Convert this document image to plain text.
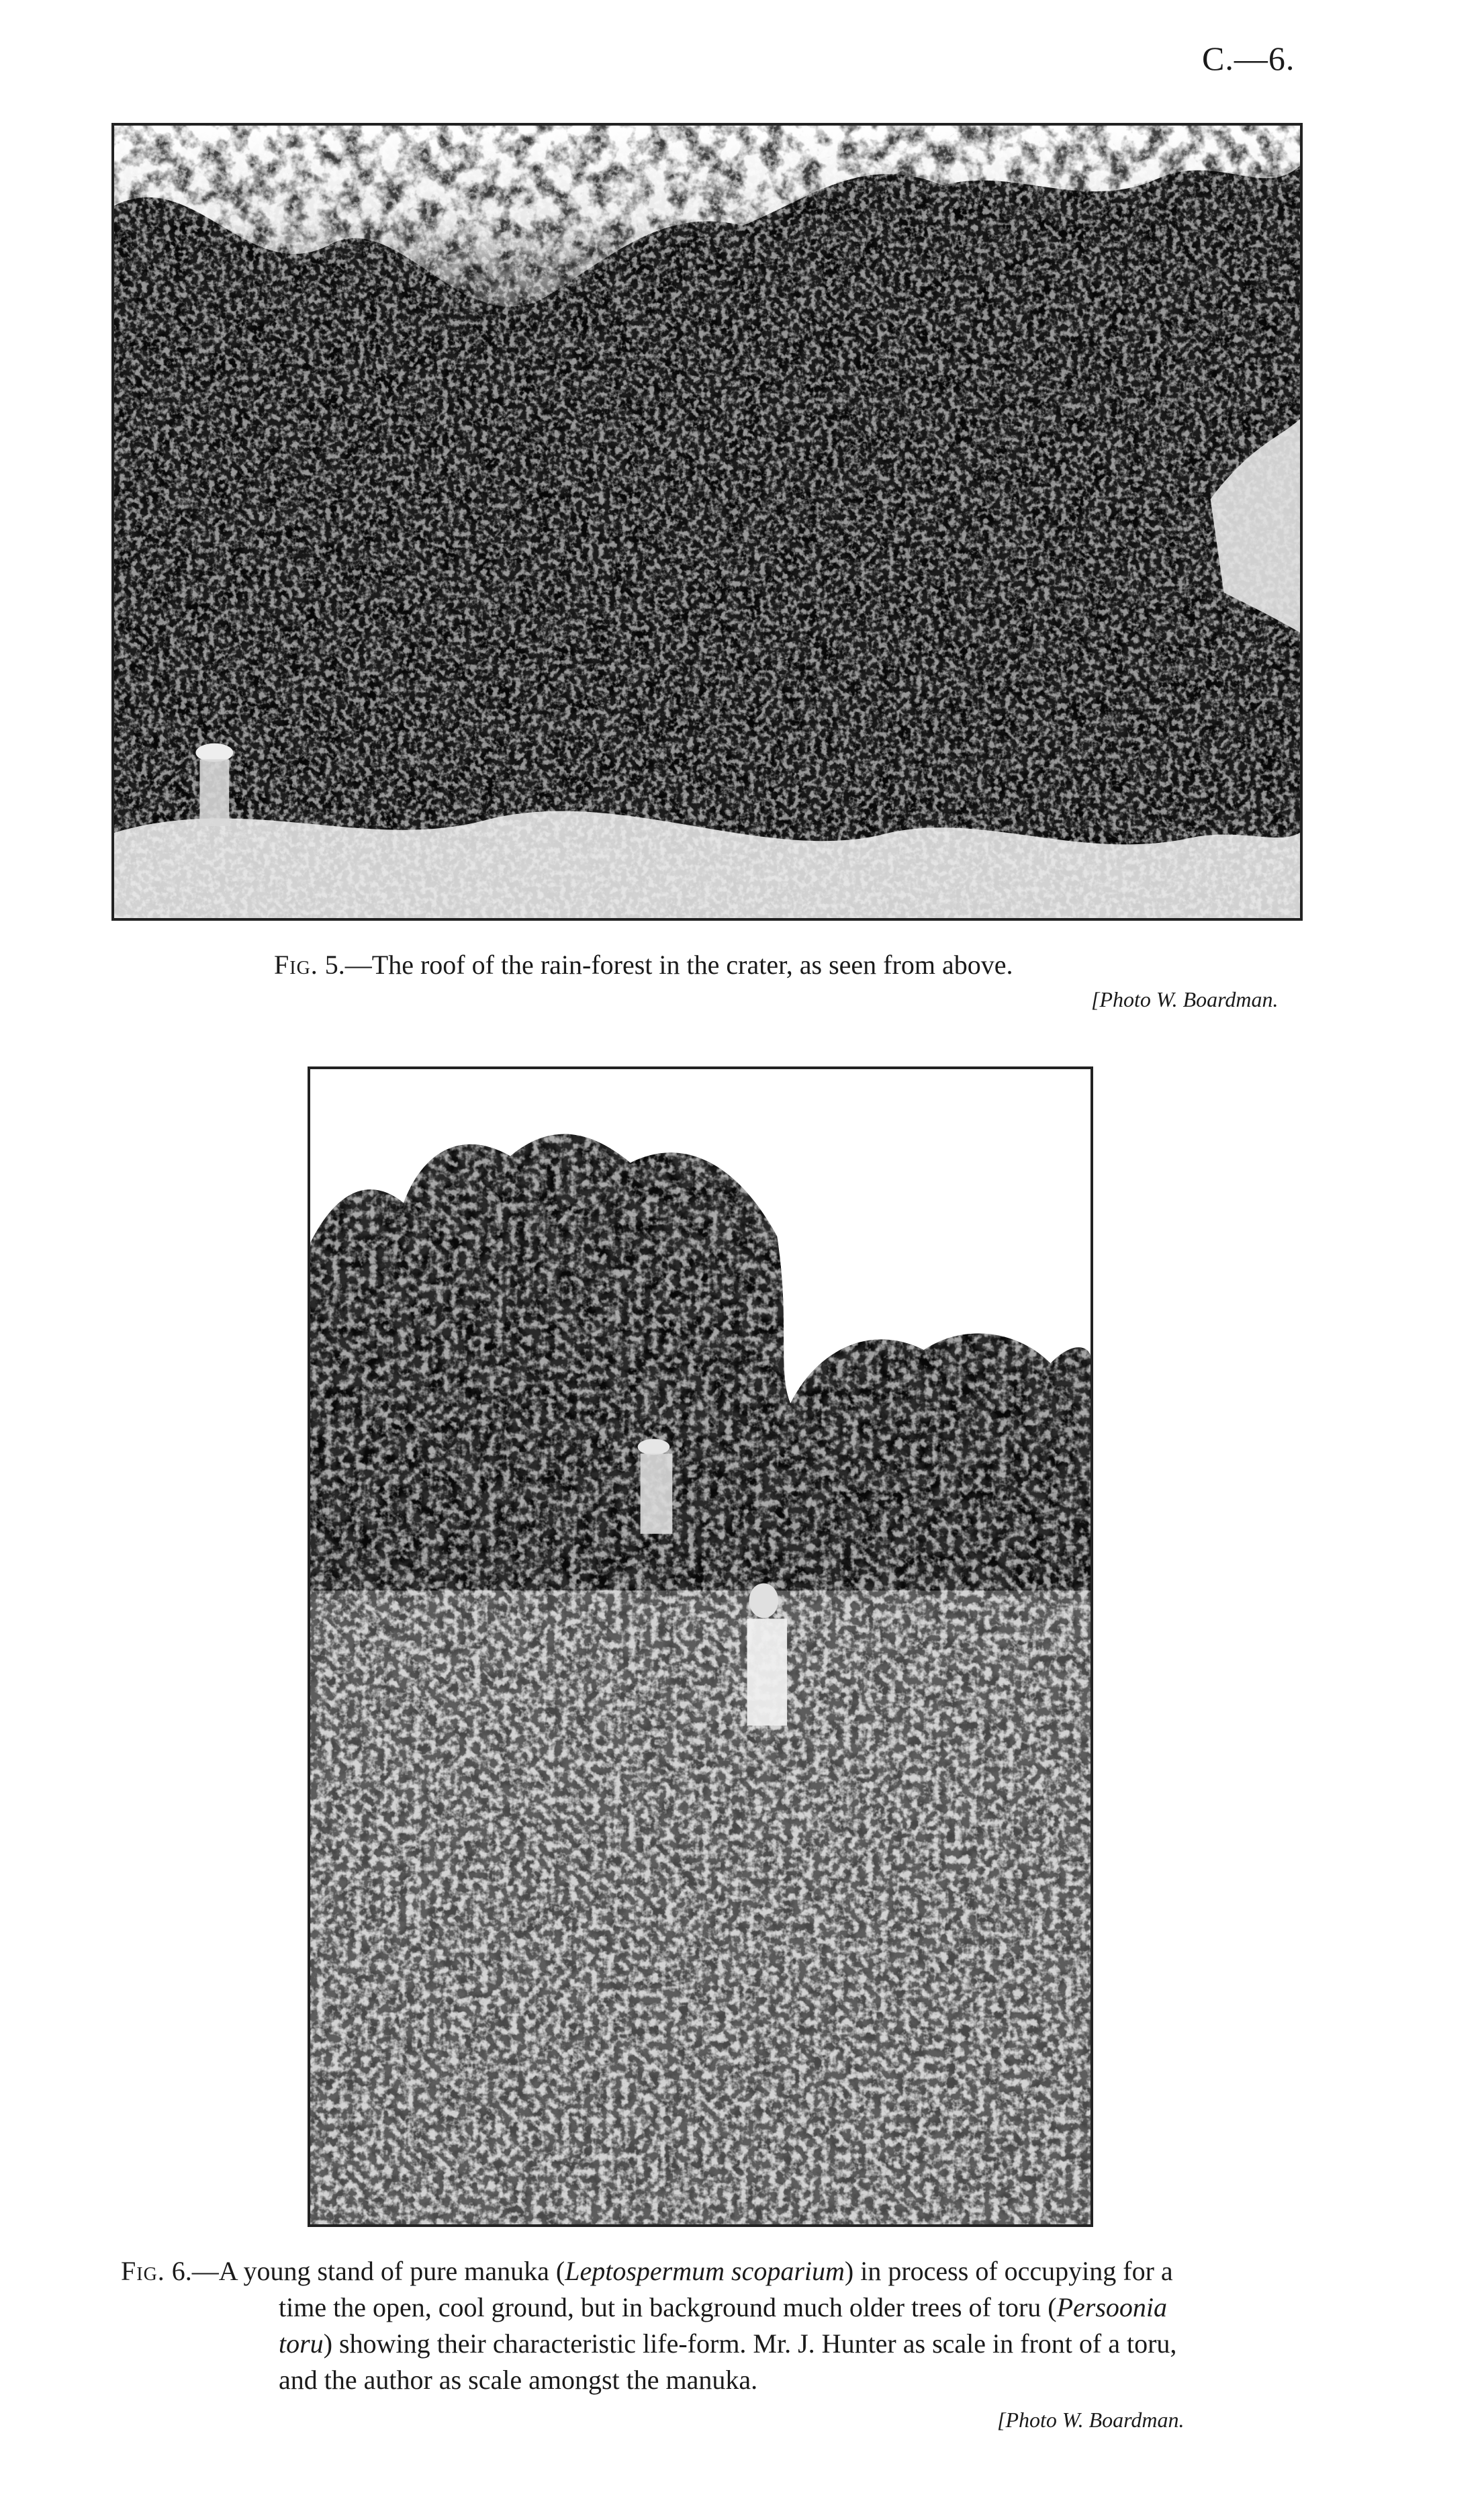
C.—6.
Fig. 5.—The roof of the rain-forest in the crater, as seen from above.
[Photo W. Boardman.
Fig. 6.—A young stand of pure manuka (Leptospermum scoparium) in process of occupying for a
time the open, cool ground, but in background much older trees of toru (Persoonia
toru) showing their characteristic life-form. Mr. J. Hunter as scale in front of a toru,
and the author as scale amongst the manuka.
[Photo W. Boardman.
